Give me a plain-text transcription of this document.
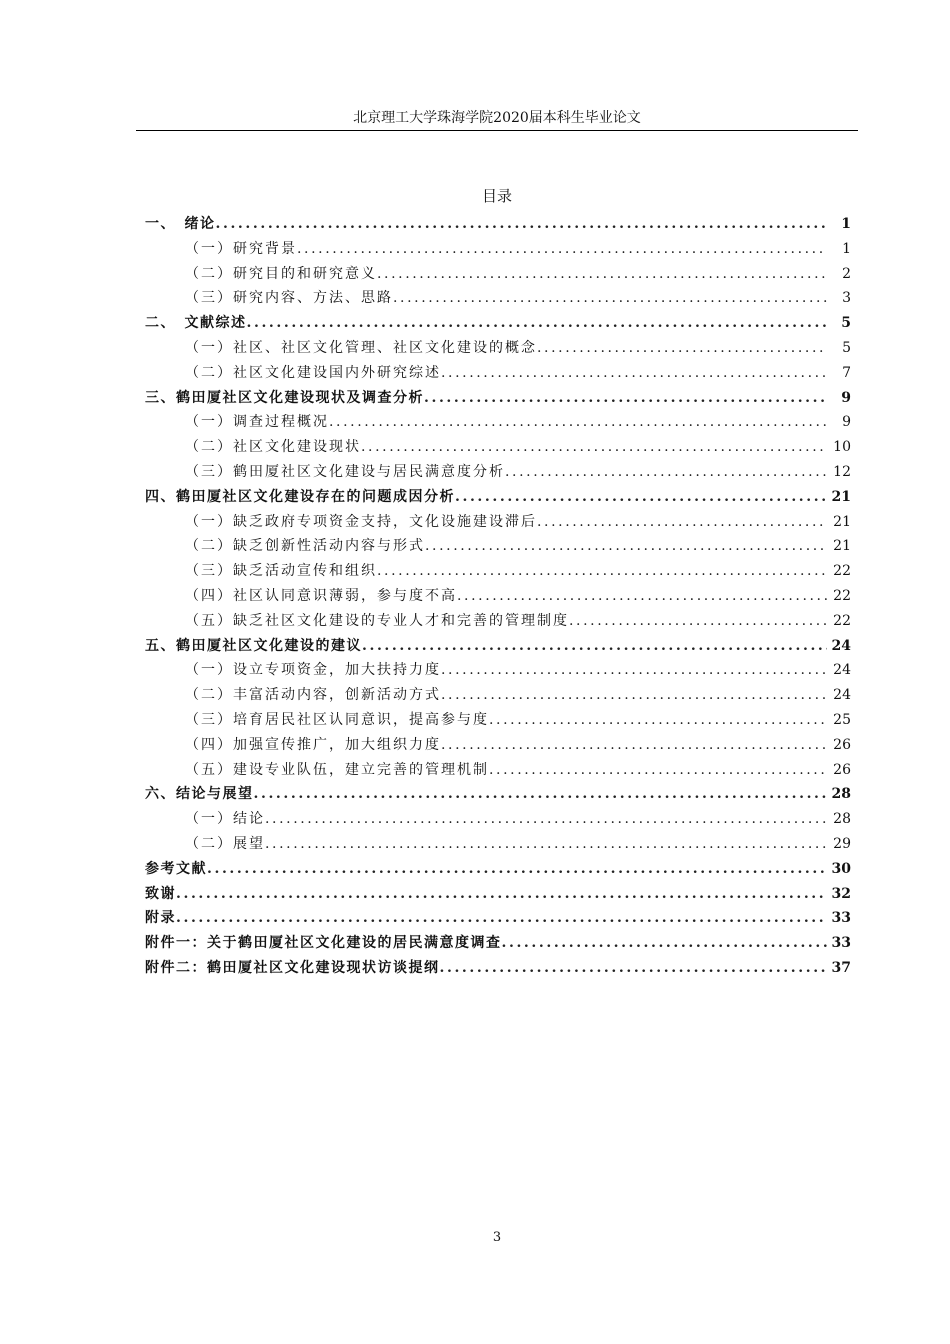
北京理工大学珠海学院2020届本科生毕业论文
目录
一、　绪论 .....	1
（一）研究背景 .....	1
（二）研究目的和研究意义 .....	2
（三）研究内容、方法、思路 .....	3
二、　文献综述 .....	5
（一）社区、社区文化管理、社区文化建设的概念 .....	5
（二）社区文化建设国内外研究综述 .....	7
三、鹤田厦社区文化建设现状及调查分析 .....	9
（一）调查过程概况 .....	9
（二）社区文化建设现状 .....	10
（三）鹤田厦社区文化建设与居民满意度分析 .....	12
四、鹤田厦社区文化建设存在的问题成因分析 .....	21
（一）缺乏政府专项资金支持，文化设施建设滞后 .....	21
（二）缺乏创新性活动内容与形式 .....	21
（三）缺乏活动宣传和组织 .....	22
（四）社区认同意识薄弱，参与度不高 .....	22
（五）缺乏社区文化建设的专业人才和完善的管理制度 .....	22
五、鹤田厦社区文化建设的建议 .....	24
（一）设立专项资金，加大扶持力度 .....	24
（二）丰富活动内容，创新活动方式 .....	24
（三）培育居民社区认同意识，提高参与度 .....	25
（四）加强宣传推广，加大组织力度 .....	26
（五）建设专业队伍，建立完善的管理机制 .....	26
六、结论与展望 .....	28
（一）结论 .....	28
（二）展望 .....	29
参考文献 .....	30
致谢 .....	32
附录 .....	33
附件一：关于鹤田厦社区文化建设的居民满意度调查 .....	33
附件二：鹤田厦社区文化建设现状访谈提纲 .....	37
3
